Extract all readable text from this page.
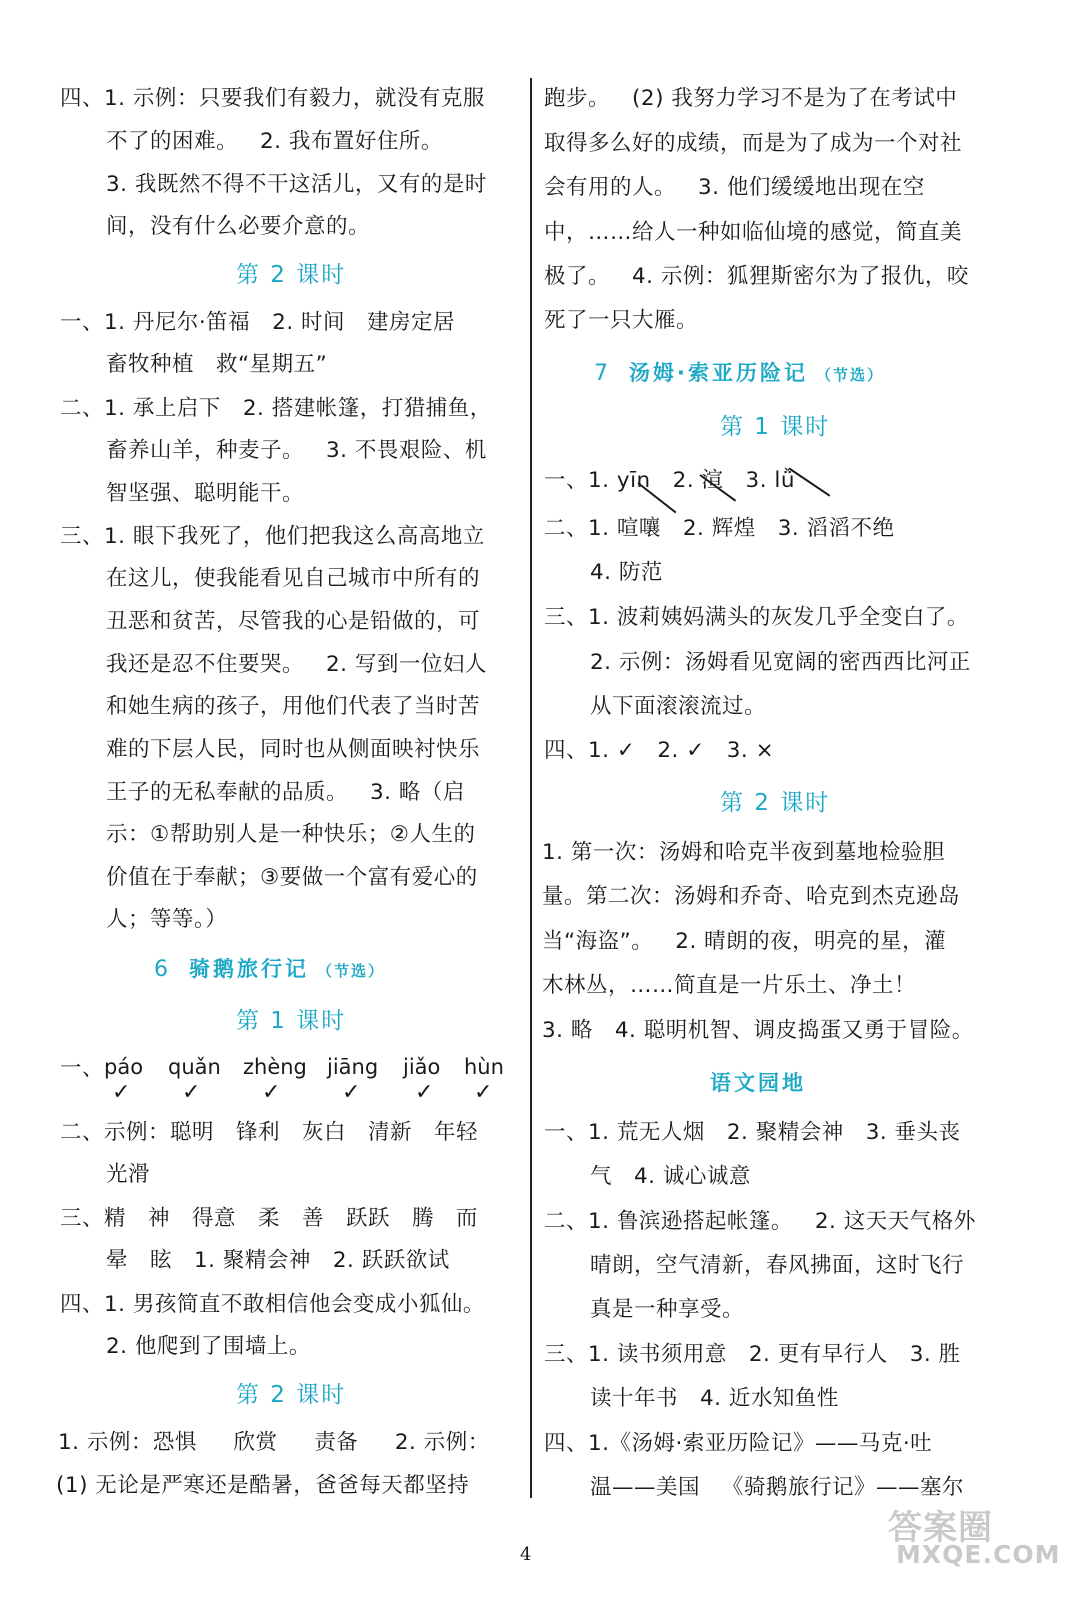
四、1. 示例：只要我们有毅力，就没有克服
不了的困难。   2. 我布置好住所。
3. 我既然不得不干这活儿，又有的是时
间，没有什么必要介意的。
第 2 课时
一、1. 丹尼尔·笛福   2. 时间   建房定居
畜牧种植   救“星期五”
二、1. 承上启下   2. 搭建帐篷，打猎捕鱼，
畜养山羊，种麦子。   3. 不畏艰险、机
智坚强、聪明能干。
三、1. 眼下我死了，他们把我这么高高地立
在这儿，使我能看见自己城市中所有的
丑恶和贫苦，尽管我的心是铅做的，可
我还是忍不住要哭。   2. 写到一位妇人
和她生病的孩子，用他们代表了当时苦
难的下层人民，同时也从侧面映衬快乐
王子的无私奉献的品质。   3. 略（启
示：①帮助别人是一种快乐；②人生的
价值在于奉献；③要做一个富有爱心的
人；等等。）
6 骑鹅旅行记 （节选）
第 1 课时
一、 páo quǎn zhèng jiāng jiǎo hùn
✓ ✓	✓	✓ ✓ ✓
二、示例：聪明   锋利   灰白   清新   年轻
光滑
三、精   神   得意   柔   善   跃跃   腾   而
晕   眩   1. 聚精会神   2. 跃跃欲试
四、1. 男孩简直不敢相信他会变成小狐仙。
2. 他爬到了围墙上。
第 2 课时
1. 示例：恐惧     欣赏     责备     2. 示例：
(1) 无论是严寒还是酷暑，爸爸每天都坚持
跑步。   (2) 我努力学习不是为了在考试中
取得多么好的成绩，而是为了成为一个对社
会有用的人。   3. 他们缓缓地出现在空
中，……给人一种如临仙境的感觉，简直美
极了。   4. 示例：狐狸斯密尔为了报仇，咬
死了一只大雁。
7 汤姆·索亚历险记 （节选）
第 1 课时
一、1. yīn   2. 渲   3. lǚ
二、1. 喧嚷   2. 辉煌   3. 滔滔不绝
4. 防范
三、1. 波莉姨妈满头的灰发几乎全变白了。
2. 示例：汤姆看见宽阔的密西西比河正
从下面滚滚流过。
四、1. ✓   2. ✓   3. ×
第 2 课时
1. 第一次：汤姆和哈克半夜到墓地检验胆
量。第二次：汤姆和乔奇、哈克到杰克逊岛
当“海盗”。   2. 晴朗的夜，明亮的星，灌
木林丛，……简直是一片乐土、净土！
3. 略   4. 聪明机智、调皮捣蛋又勇于冒险。
语文园地
一、1. 荒无人烟   2. 聚精会神   3. 垂头丧
气   4. 诚心诚意
二、1. 鲁滨逊搭起帐篷。   2. 这天天气格外
晴朗，空气清新，春风拂面，这时飞行
真是一种享受。
三、1. 读书须用意   2. 更有早行人   3. 胜
读十年书   4. 近水知鱼性
四、1.《汤姆·索亚历险记》——马克·吐
温——美国   《骑鹅旅行记》——塞尔
4
答案圈
MXQE.COM
